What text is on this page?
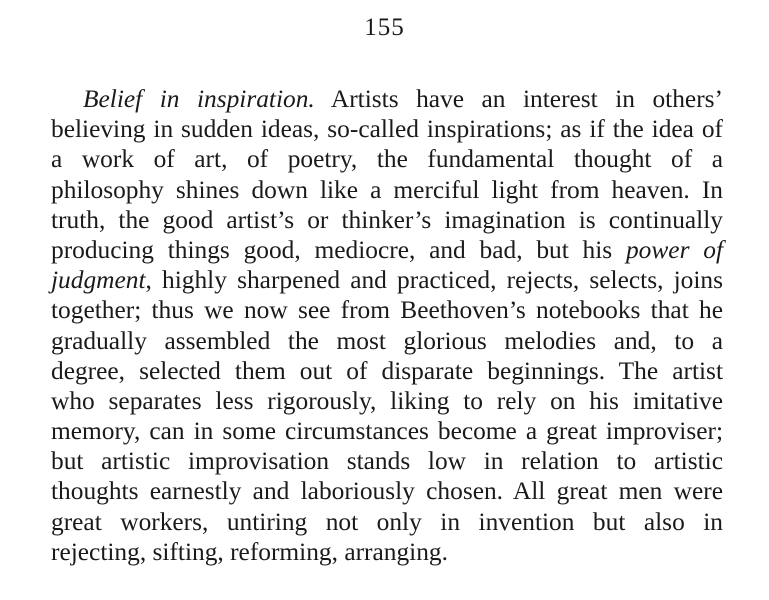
155
Belief in inspiration. Artists have an interest in others’
believing in sudden ideas, so-called inspirations; as if the idea of
a work of art, of poetry, the fundamental thought of a
philosophy shines down like a merciful light from heaven. In
truth, the good artist’s or thinker’s imagination is continually
producing things good, mediocre, and bad, but his power of
judgment, highly sharpened and practiced, rejects, selects, joins
together; thus we now see from Beethoven’s notebooks that he
gradually assembled the most glorious melodies and, to a
degree, selected them out of disparate beginnings. The artist
who separates less rigorously, liking to rely on his imitative
memory, can in some circumstances become a great improviser;
but artistic improvisation stands low in relation to artistic
thoughts earnestly and laboriously chosen. All great men were
great workers, untiring not only in invention but also in
rejecting, sifting, reforming, arranging.
